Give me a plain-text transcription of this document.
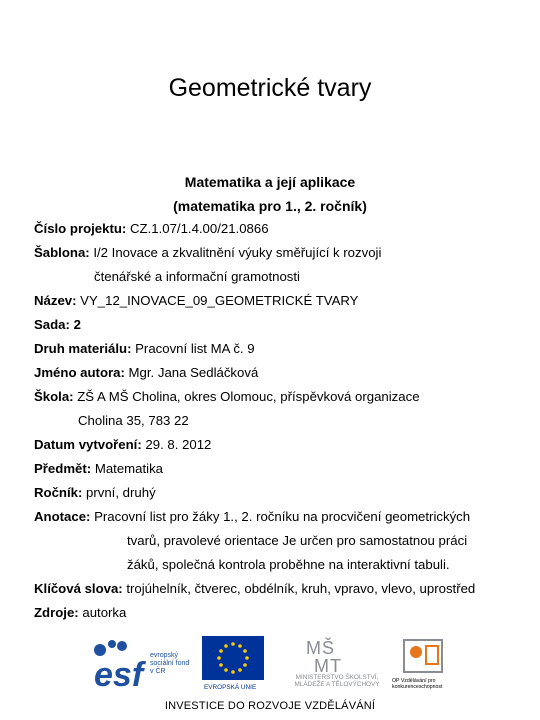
Geometrické tvary
Matematika a její aplikace
(matematika pro 1., 2. ročník)
Číslo projektu: CZ.1.07/1.4.00/21.0866
Šablona: I/2 Inovace a zkvalitnění výuky směřující k rozvoji
čtenářské a informační gramotnosti
Název: VY_12_INOVACE_09_GEOMETRICKÉ TVARY
Sada: 2
Druh materiálu: Pracovní list MA č. 9
Jméno autora: Mgr. Jana Sedláčková
Škola: ZŠ A MŠ Cholina, okres Olomouc, příspěvková organizace
Cholina 35, 783 22
Datum vytvoření: 29. 8. 2012
Předmět: Matematika
Ročník: první, druhý
Anotace: Pracovní list pro žáky 1., 2. ročníku na procvičení geometrických
tvarů, pravolevé orientace Je určen pro samostatnou práci
žáků, společná kontrola proběhne na interaktivní tabuli.
Klíčová slova: trojúhelník, čtverec, obdélník, kruh, vpravo, vlevo, uprostřed
Zdroje: autorka
esf
evropský sociální fond v ČR
EVROPSKÁ UNIE
MŠ
MT
MINISTERSTVO ŠKOLSTVÍ, MLÁDEŽE A TĚLOVÝCHOVY	OP Vzdělávání pro konkurenceschopnost
INVESTICE DO ROZVOJE VZDĚLÁVÁNÍ
